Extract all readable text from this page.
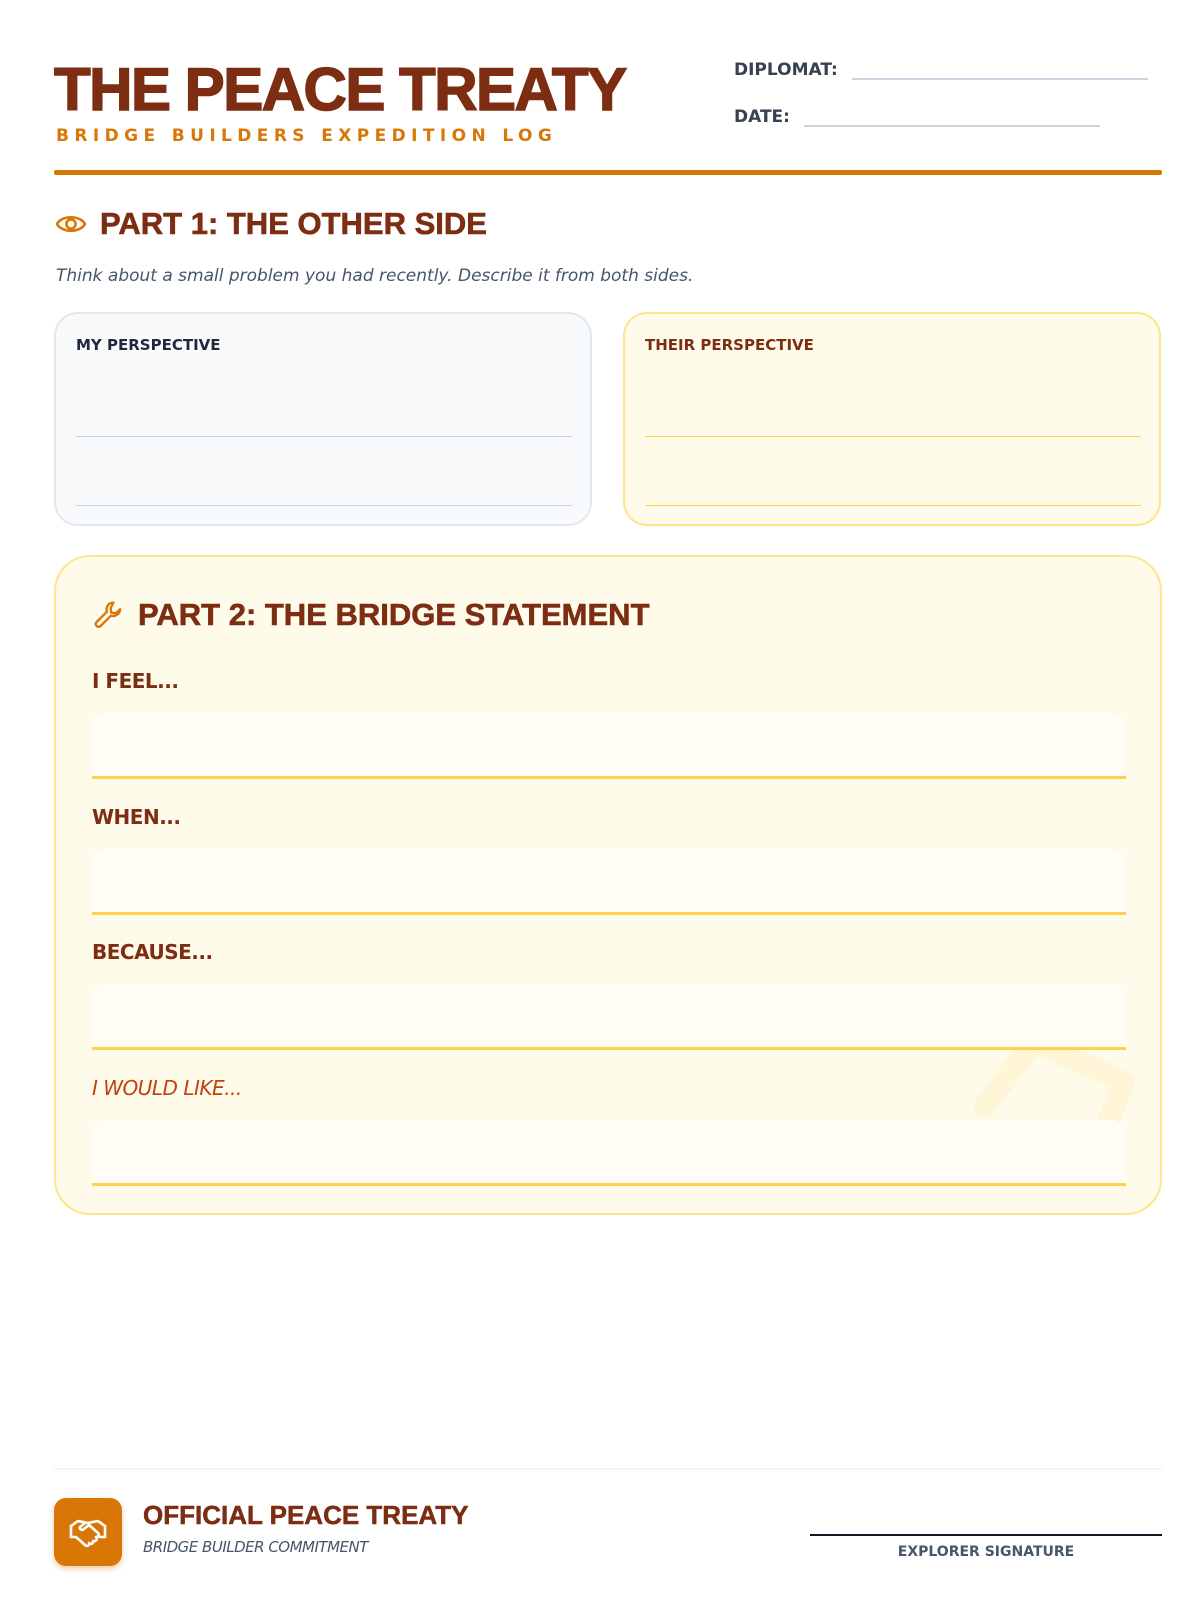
THE PEACE TREATY
BRIDGE BUILDERS EXPEDITION LOG
DIPLOMAT:
DATE:
PART 1: THE OTHER SIDE
Think about a small problem you had recently. Describe it from both sides.
MY PERSPECTIVE	THEIR PERSPECTIVE
PART 2: THE BRIDGE STATEMENT
I FEEL...
WHEN...
BECAUSE...
I WOULD LIKE...
OFFICIAL PEACE TREATY
BRIDGE BUILDER COMMITMENT	EXPLORER SIGNATURE
